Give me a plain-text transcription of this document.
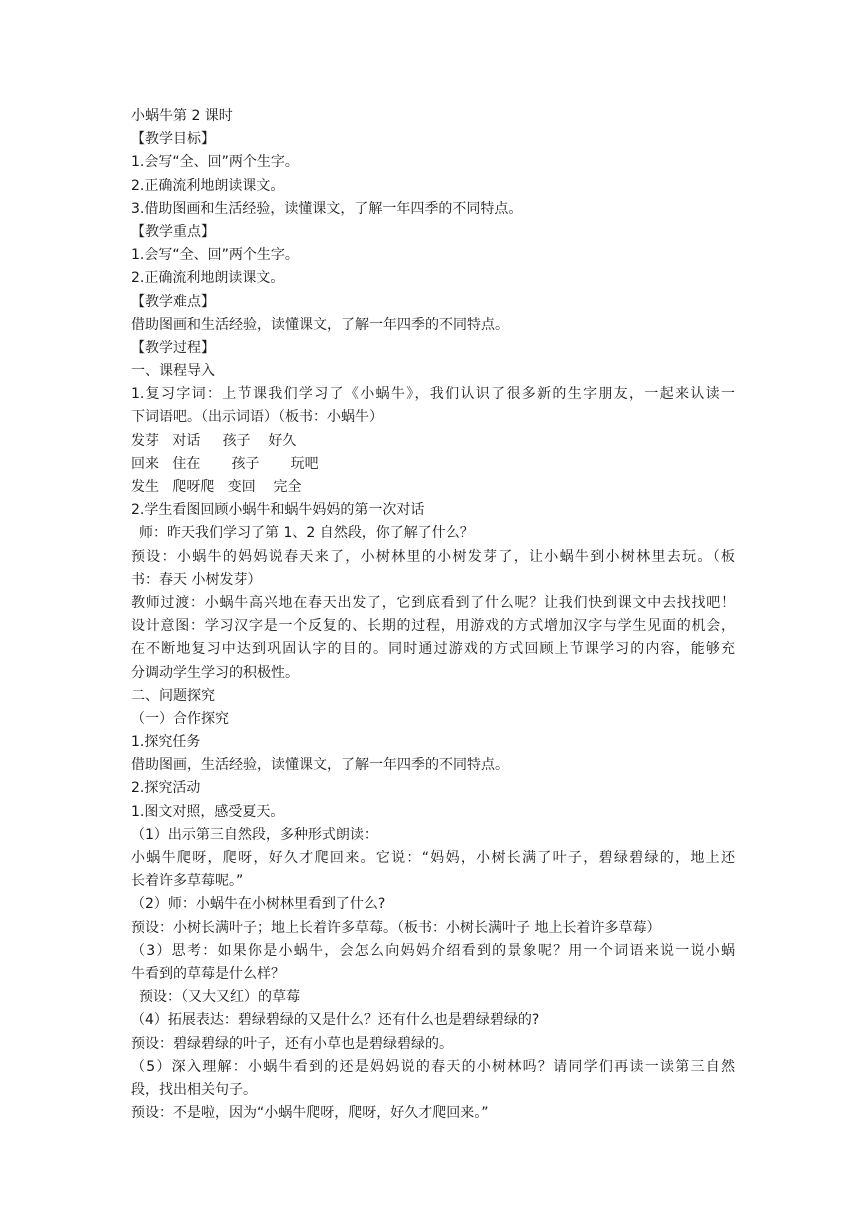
小蜗牛第 2 课时
【教学目标】
1.会写“全、回”两个生字。
2.正确流利地朗读课文。
3.借助图画和生活经验，读懂课文，了解一年四季的不同特点。
【教学重点】
1.会写“全、回”两个生字。
2.正确流利地朗读课文。
【教学难点】
借助图画和生活经验，读懂课文，了解一年四季的不同特点。
【教学过程】
一、课程导入
1.复习字词：上节课我们学习了《小蜗牛》，我们认识了很多新的生字朋友，一起来认读一
下词语吧。（出示词语）（板书：小蜗牛）
发芽   对话     孩子    好久
回来   住在       孩子       玩吧
发生   爬呀爬   变回    完全
2.学生看图回顾小蜗牛和蜗牛妈妈的第一次对话
师：昨天我们学习了第 1、2 自然段，你了解了什么？
预设：小蜗牛的妈妈说春天来了，小树林里的小树发芽了，让小蜗牛到小树林里去玩。（板
书：春天 小树发芽）
教师过渡：小蜗牛高兴地在春天出发了，它到底看到了什么呢？让我们快到课文中去找找吧！
设计意图：学习汉字是一个反复的、长期的过程，用游戏的方式增加汉字与学生见面的机会，
在不断地复习中达到巩固认字的目的。同时通过游戏的方式回顾上节课学习的内容，能够充
分调动学生学习的积极性。
二、问题探究
（一）合作探究
1.探究任务
借助图画，生活经验，读懂课文，了解一年四季的不同特点。
2.探究活动
1.图文对照，感受夏天。
（1）出示第三自然段，多种形式朗读：
小蜗牛爬呀，爬呀，好久才爬回来。它说：“妈妈，小树长满了叶子，碧绿碧绿的，地上还
长着许多草莓呢。”
（2）师：小蜗牛在小树林里看到了什么?
预设：小树长满叶子；地上长着许多草莓。（板书：小树长满叶子 地上长着许多草莓）
（3）思考：如果你是小蜗牛，会怎么向妈妈介绍看到的景象呢？用一个词语来说一说小蜗
牛看到的草莓是什么样？
预设：（又大又红）的草莓
（4）拓展表达：碧绿碧绿的又是什么？还有什么也是碧绿碧绿的?
预设：碧绿碧绿的叶子，还有小草也是碧绿碧绿的。
（5）深入理解：小蜗牛看到的还是妈妈说的春天的小树林吗？请同学们再读一读第三自然
段，找出相关句子。
预设：不是啦，因为“小蜗牛爬呀，爬呀，好久才爬回来。”
